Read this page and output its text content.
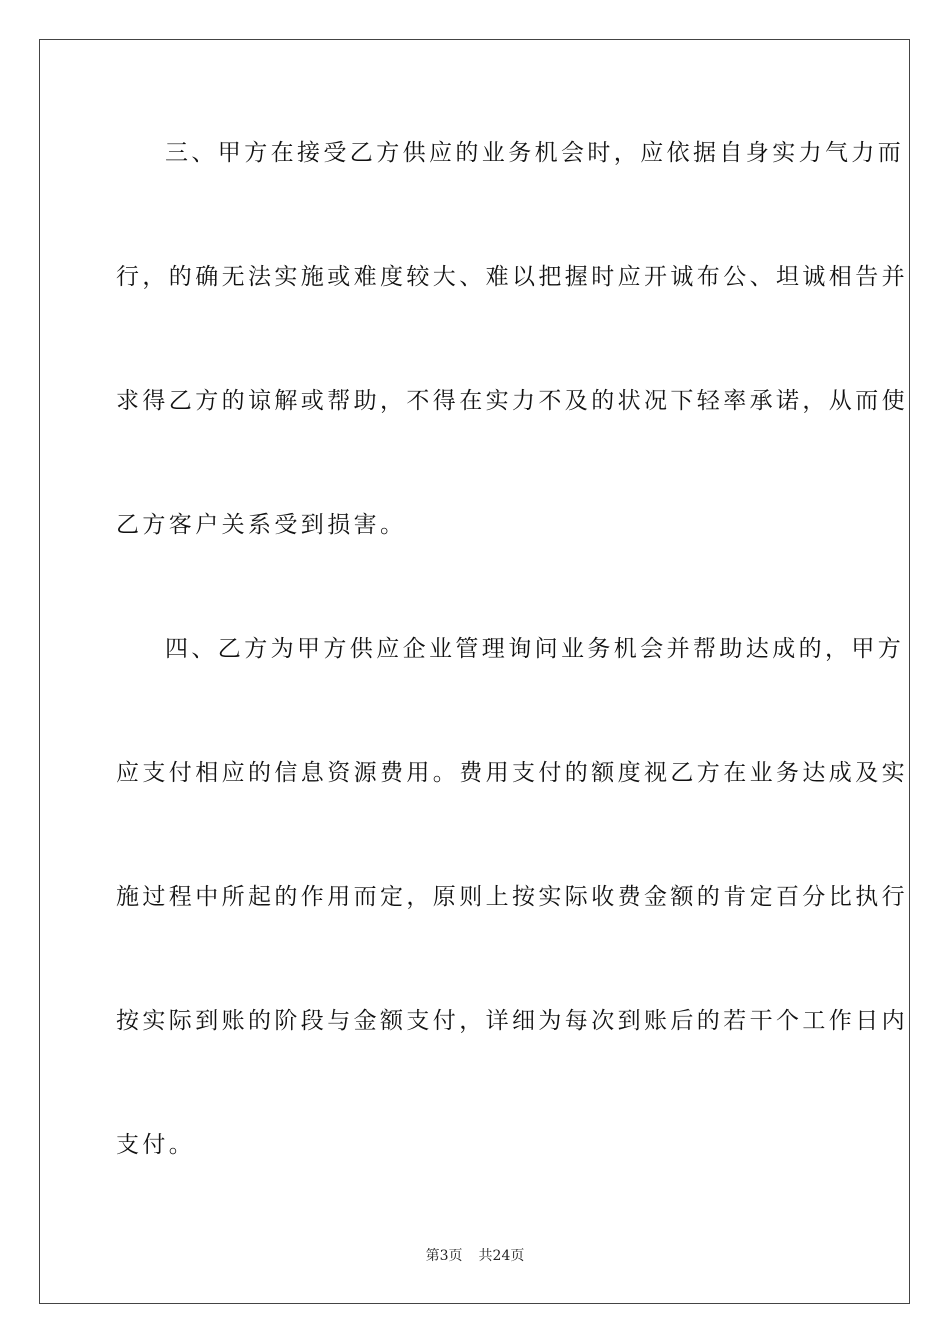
三、甲方在接受乙方供应的业务机会时，应依据自身实力气力而
行，的确无法实施或难度较大、难以把握时应开诚布公、坦诚相告并
求得乙方的谅解或帮助，不得在实力不及的状况下轻率承诺，从而使
乙方客户关系受到损害。
四、乙方为甲方供应企业管理询问业务机会并帮助达成的，甲方
应支付相应的信息资源费用。费用支付的额度视乙方在业务达成及实
施过程中所起的作用而定，原则上按实际收费金额的肯定百分比执行
按实际到账的阶段与金额支付，详细为每次到账后的若干个工作日内
支付。
第3页 共24页
